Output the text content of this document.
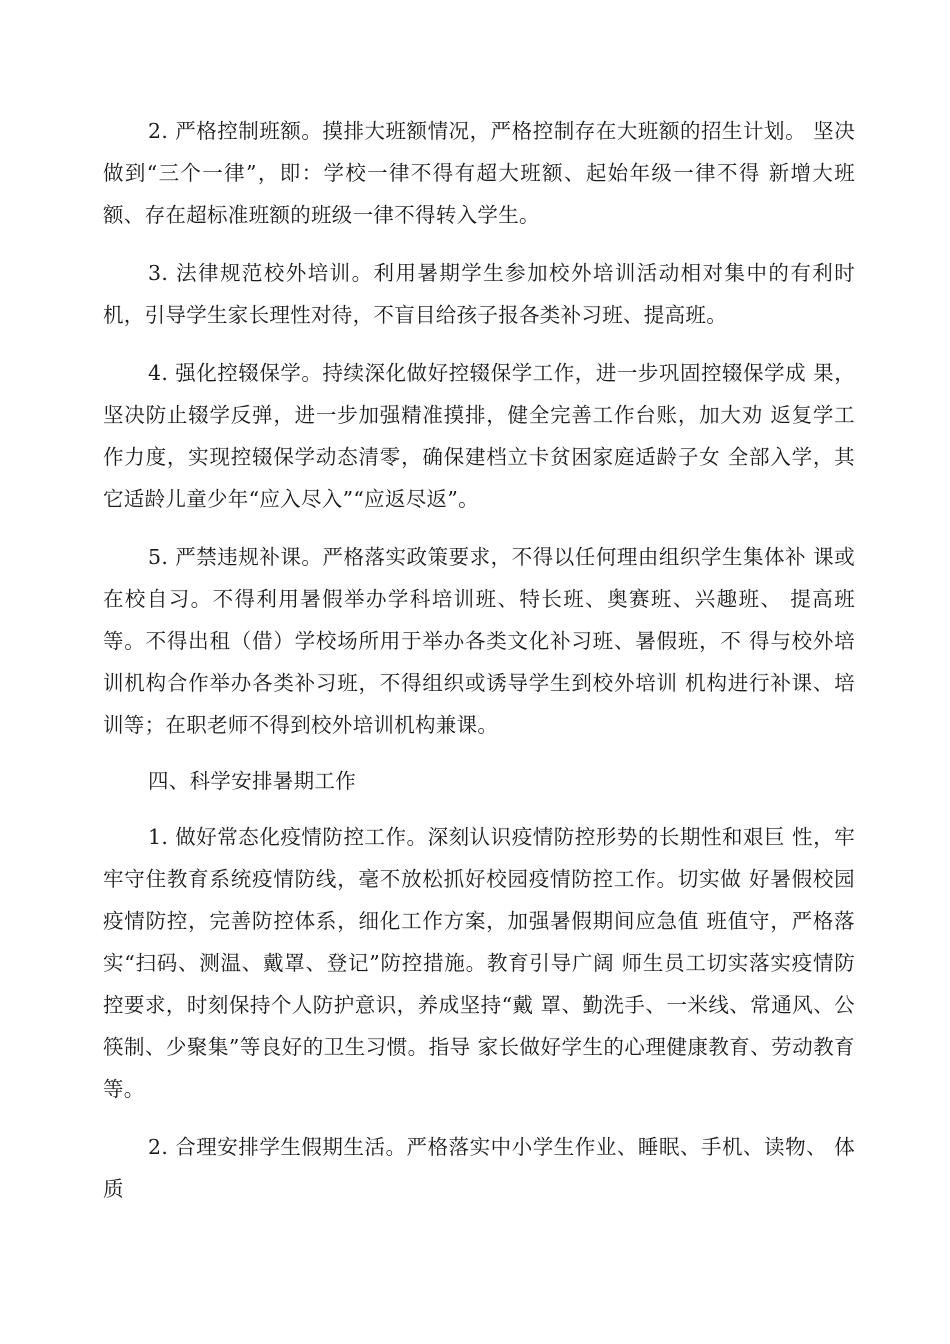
2. 严格控制班额。摸排大班额情况，严格控制存在大班额的招生计划。 坚决做到“三个一律”，即：学校一律不得有超大班额、起始年级一律不得 新增大班额、存在超标准班额的班级一律不得转入学生。

3. 法律规范校外培训。利用暑期学生参加校外培训活动相对集中的有利时 机，引导学生家长理性对待，不盲目给孩子报各类补习班、提高班。

4. 强化控辍保学。持续深化做好控辍保学工作，进一步巩固控辍保学成 果，坚决防止辍学反弹，进一步加强精准摸排，健全完善工作台账，加大劝 返复学工作力度，实现控辍保学动态清零，确保建档立卡贫困家庭适龄子女 全部入学，其它适龄儿童少年“应入尽入”“应返尽返”。

5. 严禁违规补课。严格落实政策要求，不得以任何理由组织学生集体补 课或在校自习。不得利用暑假举办学科培训班、特长班、奥赛班、兴趣班、 提高班等。不得出租（借）学校场所用于举办各类文化补习班、暑假班，不 得与校外培训机构合作举办各类补习班，不得组织或诱导学生到校外培训 机构进行补课、培训等；在职老师不得到校外培训机构兼课。

四、科学安排暑期工作

1. 做好常态化疫情防控工作。深刻认识疫情防控形势的长期性和艰巨 性，牢牢守住教育系统疫情防线，毫不放松抓好校园疫情防控工作。切实做 好暑假校园疫情防控，完善防控体系，细化工作方案，加强暑假期间应急值 班值守，严格落实“扫码、测温、戴罩、登记”防控措施。教育引导广阔 师生员工切实落实疫情防控要求，时刻保持个人防护意识，养成坚持“戴 罩、勤洗手、一米线、常通风、公筷制、少聚集”等良好的卫生习惯。指导 家长做好学生的心理健康教育、劳动教育等。

2. 合理安排学生假期生活。严格落实中小学生作业、睡眠、手机、读物、 体质
